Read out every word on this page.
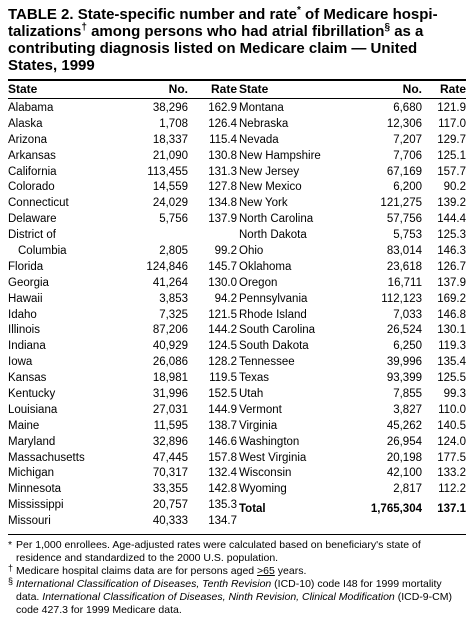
TABLE 2. State-specific number and rate* of Medicare hospi-talizations† among persons who had atrial fibrillation§ as a contributing diagnosis listed on Medicare claim — United States, 1999
State	No.	Rate State	No.	Rate
Alabama	38,296	162.9
Alaska	1,708	126.4
Arizona	18,337	115.4
Arkansas	21,090	130.8
California	113,455	131.3
Colorado	14,559	127.8
Connecticut	24,029	134.8
Delaware	5,756	137.9
District of
Columbia	2,805	99.2
Florida	124,846	145.7
Georgia	41,264	130.0
Hawaii	3,853	94.2
Idaho	7,325	121.5
Illinois	87,206	144.2
Indiana	40,929	124.5
Iowa	26,086	128.2
Kansas	18,981	119.5
Kentucky	31,996	152.5
Louisiana	27,031	144.9
Maine	11,595	138.7
Maryland	32,896	146.6
Massachusetts	47,445	157.8
Michigan	70,317	132.4
Minnesota	33,355	142.8
Mississippi	20,757	135.3
Missouri	40,333	134.7
Montana	6,680	121.9
Nebraska	12,306	117.0
Nevada	7,207	129.7
New Hampshire	7,706	125.1
New Jersey	67,169	157.7
New Mexico	6,200	90.2
New York	121,275	139.2
North Carolina	57,756	144.4
North Dakota	5,753	125.3
Ohio	83,014	146.3
Oklahoma	23,618	126.7
Oregon	16,711	137.9
Pennsylvania	112,123	169.2
Rhode Island	7,033	146.8
South Carolina	26,524	130.1
South Dakota	6,250	119.3
Tennessee	39,996	135.4
Texas	93,399	125.5
Utah	7,855	99.3
Vermont	3,827	110.0
Virginia	45,262	140.5
Washington	26,954	124.0
West Virginia	20,198	177.5
Wisconsin	42,100	133.2
Wyoming	2,817	112.2
Total	1,765,304	137.1
* Per 1,000 enrollees. Age-adjusted rates were calculated based on beneficiary's state of residence and standardized to the 2000 U.S. population.
† Medicare hospital claims data are for persons aged >65 years.
§ International Classification of Diseases, Tenth Revision (ICD-10) code I48 for 1999 mortality data. International Classification of Diseases, Ninth Revision, Clinical Modification (ICD-9-CM) code 427.3 for 1999 Medicare data.
